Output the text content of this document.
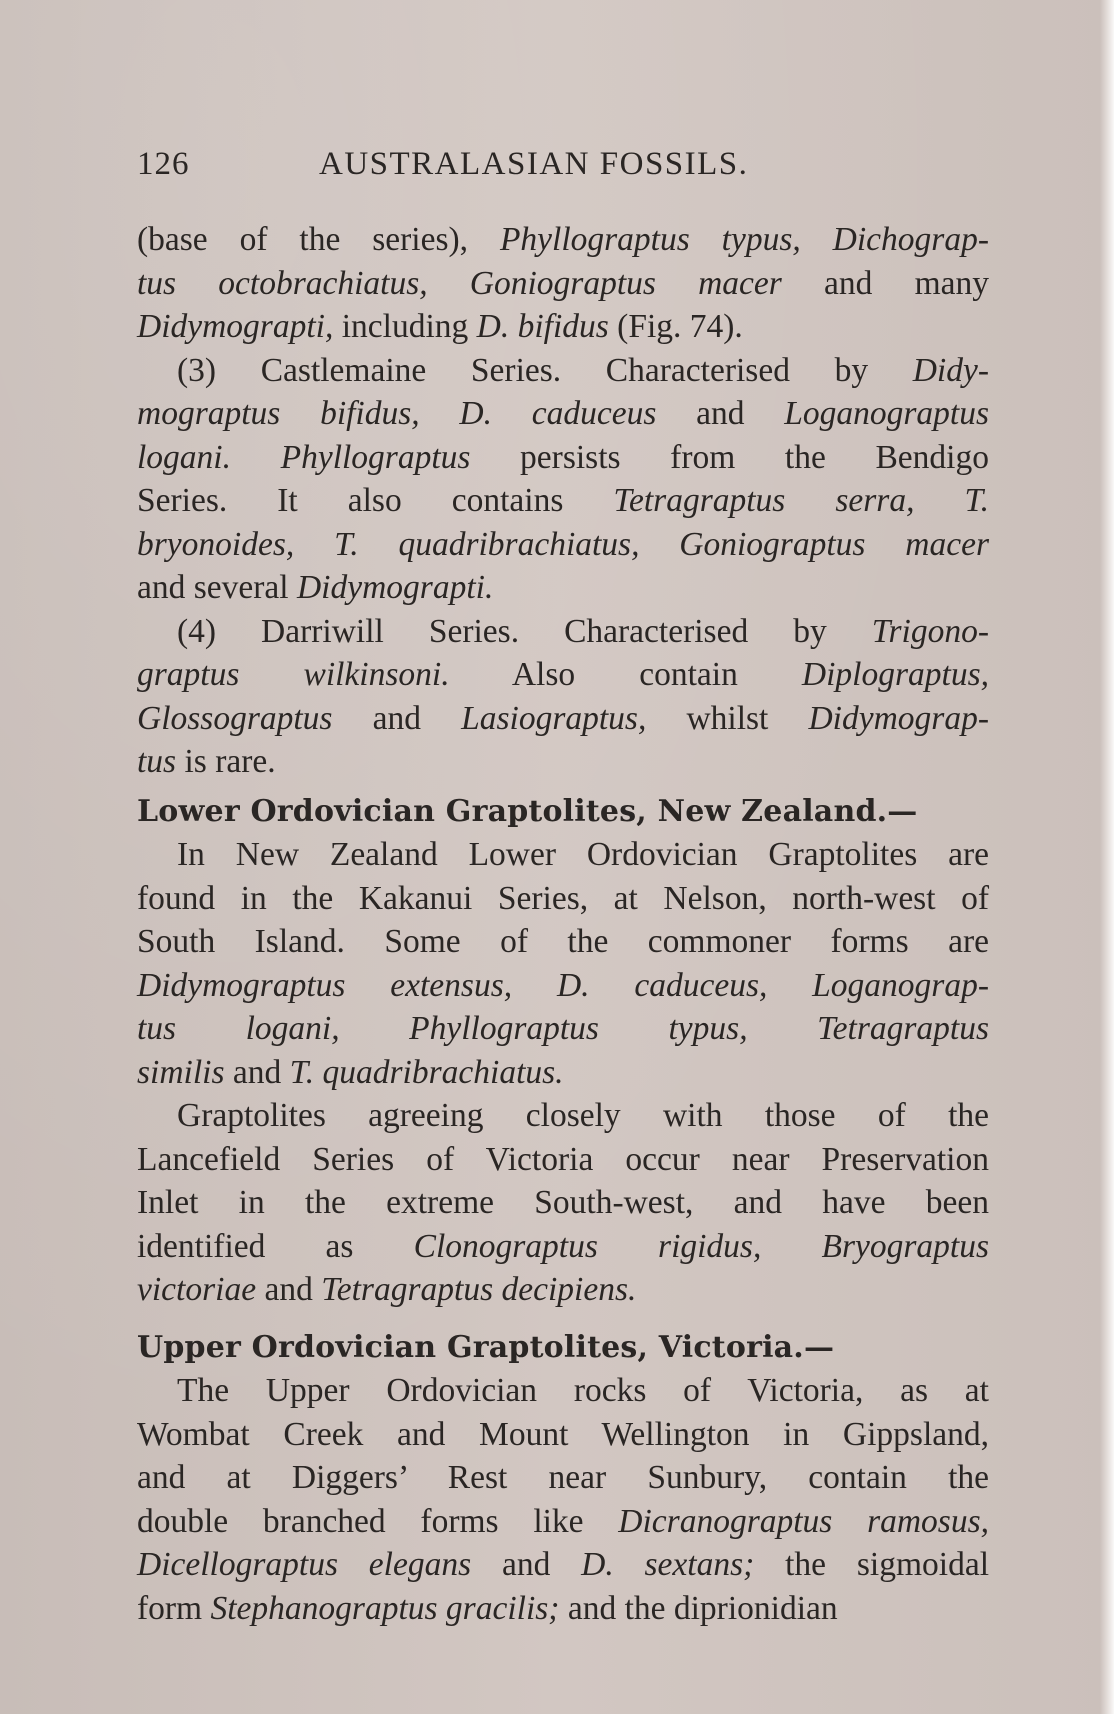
126	AUSTRALASIAN FOSSILS.

(base of the series), Phyllograptus typus, Dichograp-

tus octobrachiatus, Goniograptus macer and many

Didymograpti, including D. bifidus (Fig. 74).

(3) Castlemaine Series. Characterised by Didy-

mograptus bifidus, D. caduceus and Loganograptus

logani. Phyllograptus persists from the Bendigo

Series. It also contains Tetragraptus serra, T.

bryonoides, T. quadribrachiatus, Goniograptus macer

and several Didymograpti.

(4) Darriwill Series. Characterised by Trigono-

graptus wilkinsoni. Also contain Diplograptus,

Glossograptus and Lasiograptus, whilst Didymograp-

tus is rare.

Lower Ordovician Graptolites, New Zealand.—

In New Zealand Lower Ordovician Graptolites are

found in the Kakanui Series, at Nelson, north-west of

South Island. Some of the commoner forms are

Didymograptus extensus, D. caduceus, Loganograp-

tus logani, Phyllograptus typus, Tetragraptus

similis and T. quadribrachiatus.

Graptolites agreeing closely with those of the

Lancefield Series of Victoria occur near Preservation

Inlet in the extreme South-west, and have been

identified as Clonograptus rigidus, Bryograptus

victoriae and Tetragraptus decipiens.

Upper Ordovician Graptolites, Victoria.—

The Upper Ordovician rocks of Victoria, as at

Wombat Creek and Mount Wellington in Gippsland,

and at Diggers’ Rest near Sunbury, contain the

double branched forms like Dicranograptus ramosus,

Dicellograptus elegans and D. sextans; the sigmoidal

form Stephanograptus gracilis; and the diprionidian
